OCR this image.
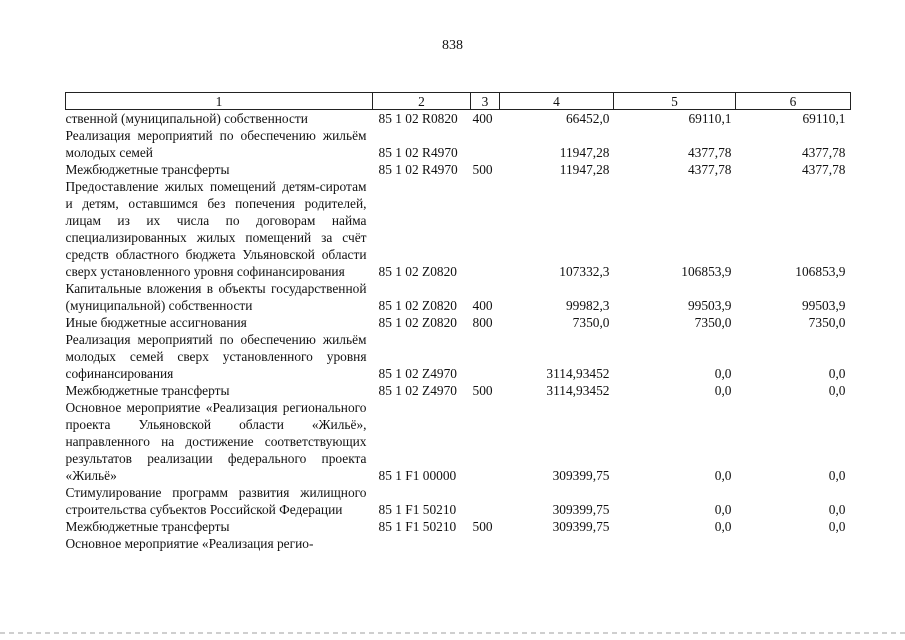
838
1	2	3	4	5	6
ственной (муниципальной) собственности	85 1 02 R0820	400	66452,0	69110,1	69110,1
Реализация мероприятий по обеспечению жильём молодых семей	85 1 02 R4970		11947,28	4377,78	4377,78
Межбюджетные трансферты	85 1 02 R4970	500	11947,28	4377,78	4377,78
Предоставление жилых помещений детям-сиротам и детям, оставшимся без попечения родителей, лицам из их числа по договорам найма специализированных жилых помещений за счёт средств областного бюджета Ульяновской области сверх установленного уровня софинансирования	85 1 02 Z0820		107332,3	106853,9	106853,9
Капитальные вложения в объекты государственной (муниципальной) собственности	85 1 02 Z0820	400	99982,3	99503,9	99503,9
Иные бюджетные ассигнования	85 1 02 Z0820	800	7350,0	7350,0	7350,0
Реализация мероприятий по обеспечению жильём молодых семей сверх установленного уровня софинансирования	85 1 02 Z4970		3114,93452	0,0	0,0
Межбюджетные трансферты	85 1 02 Z4970	500	3114,93452	0,0	0,0
Основное мероприятие «Реализация регионального проекта Ульяновской области «Жильё», направленного на достижение соответствующих результатов реализации федерального проекта «Жильё»	85 1 F1 00000		309399,75	0,0	0,0
Стимулирование программ развития жилищного строительства субъектов Российской Федерации	85 1 F1 50210		309399,75	0,0	0,0
Межбюджетные трансферты	85 1 F1 50210	500	309399,75	0,0	0,0
Основное мероприятие «Реализация регио-					
